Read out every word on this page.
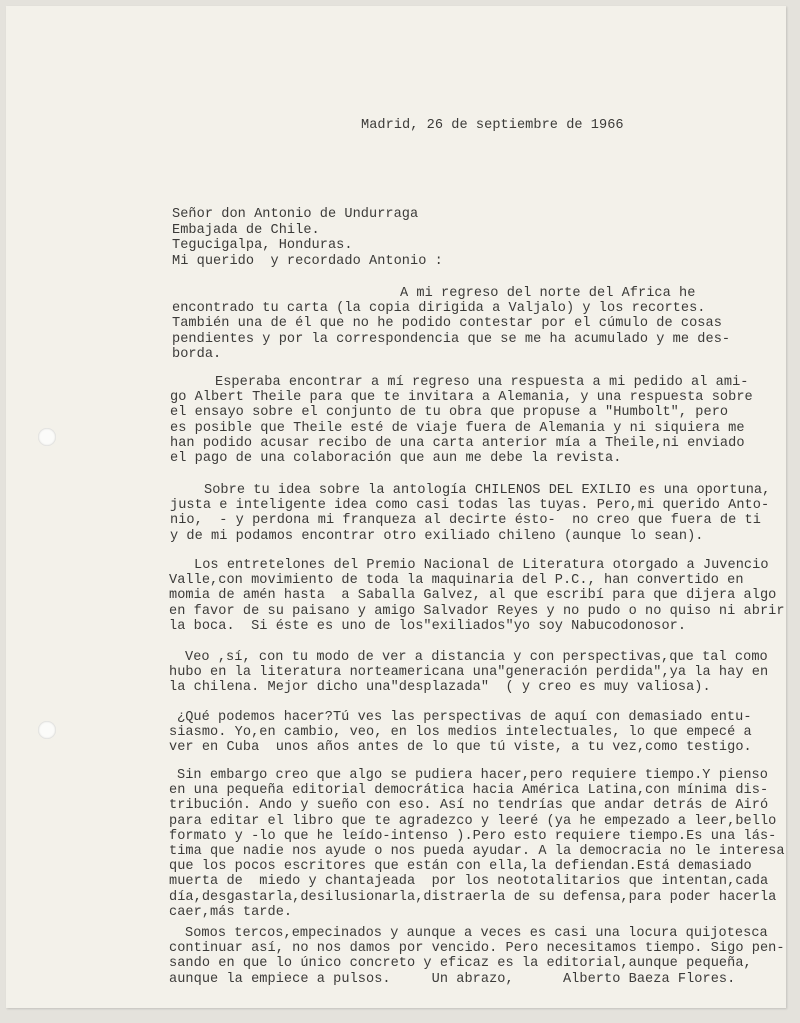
Madrid, 26 de septiembre de 1966

Señor don Antonio de Undurraga
Embajada de Chile.
Tegucigalpa, Honduras.

Mi querido  y recordado Antonio :
A mi regreso del norte del Africa he
encontrado tu carta (la copia dirigida a Valjalo) y los recortes.
También una de él que no he podido contestar por el cúmulo de cosas
pendientes y por la correspondencia que se me ha acumulado y me des-
borda.
Esperaba encontrar a mí regreso una respuesta a mi pedido al ami-
go Albert Theile para que te invitara a Alemania, y una respuesta sobre
el ensayo sobre el conjunto de tu obra que propuse a "Humbolt", pero
es posible que Theile esté de viaje fuera de Alemania y ni siquiera me
han podido acusar recibo de una carta anterior mía a Theile,ni enviado
el pago de una colaboración que aun me debe la revista.
Sobre tu idea sobre la antología CHILENOS DEL EXILIO es una oportuna,
justa e inteligente idea como casi todas las tuyas. Pero,mi querido Anto-
nio,  - y perdona mi franqueza al decirte ésto-  no creo que fuera de ti
y de mi podamos encontrar otro exiliado chileno (aunque lo sean).
Los entretelones del Premio Nacional de Literatura otorgado a Juvencio
Valle,con movimiento de toda la maquinaria del P.C., han convertido en
momia de amén hasta  a Saballa Galvez, al que escribí para que dijera algo
en favor de su paisano y amigo Salvador Reyes y no pudo o no quiso ni abrir
la boca.  Si éste es uno de los"exiliados"yo soy Nabucodonosor.
Veo ,sí, con tu modo de ver a distancia y con perspectivas,que tal como
hubo en la literatura norteamericana una"generación perdida",ya la hay en
la chilena. Mejor dicho una"desplazada"  ( y creo es muy valiosa).
¿Qué podemos hacer?Tú ves las perspectivas de aquí con demasiado entu-
siasmo. Yo,en cambio, veo, en los medios intelectuales, lo que empecé a
ver en Cuba  unos años antes de lo que tú viste, a tu vez,como testigo.
Sin embargo creo que algo se pudiera hacer,pero requiere tiempo.Y pienso
en una pequeña editorial democrática hacia América Latina,con mínima dis-
tribución. Ando y sueño con eso. Así no tendrías que andar detrás de Airó
para editar el libro que te agradezco y leeré (ya he empezado a leer,bello
formato y -lo que he leído-intenso ).Pero esto requiere tiempo.Es una lás-
tima que nadie nos ayude o nos pueda ayudar. A la democracia no le interesa
que los pocos escritores que están con ella,la defiendan.Está demasiado
muerta de  miedo y chantajeada  por los neototalitarios que intentan,cada
día,desgastarla,desilusionarla,distraerla de su defensa,para poder hacerla
caer,más tarde.
Somos tercos,empecinados y aunque a veces es casi una locura quijotesca
continuar así, no nos damos por vencido. Pero necesitamos tiempo. Sigo pen-
sando en que lo único concreto y eficaz es la editorial,aunque pequeña,
aunque la empiece a pulsos.     Un abrazo,      Alberto Baeza Flores.
